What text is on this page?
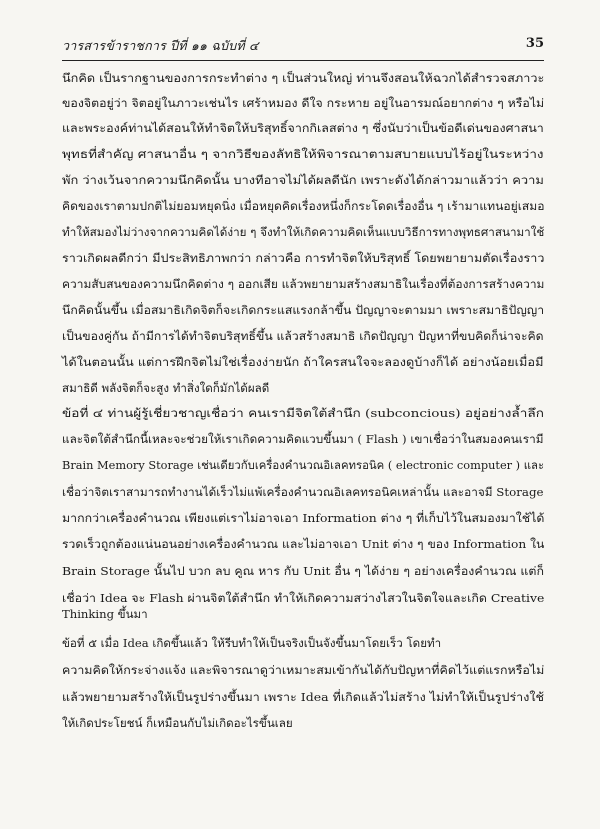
วารสารข้าราชการ ปีที่ ๑๑ ฉบับที่ ๔	35
นึกคิด เป็นรากฐานของการกระทำต่าง ๆ เป็นส่วนใหญ่ ท่านจึงสอนให้ฉวกได้สำรวจสภาวะ
ของจิตอยู่ว่า จิตอยู่ในภาวะเช่นไร เศร้าหมอง ดีใจ กระหาย อยู่ในอารมณ์อยากต่าง ๆ หรือไม่
และพระองค์ท่านได้สอนให้ทำจิตให้บริสุทธิ์จากกิเลสต่าง ๆ ซึ่งนับว่าเป็นข้อดีเด่นของศาสนา
พุทธที่สำคัญ ศาสนาอื่น ๆ จากวิธีของลัทธิให้พิจารณาตามสบายแบบไร้อยู่ในระหว่าง
พัก ว่างเว้นจากความนึกคิดนั้น บางทีอาจไม่ได้ผลดีนัก เพราะดังได้กล่าวมาแล้วว่า ความ
คิดของเราตามปกติไม่ยอมหยุดนิ่ง เมื่อหยุดคิดเรื่องหนึ่งก็กระโดดเรื่องอื่น ๆ เร้ามาแทนอยู่เสมอ
ทำให้สมองไม่ว่างจากความคิดได้ง่าย ๆ จึงทำให้เกิดความคิดเห็นแบบวิธีการทางพุทธศาสนามาใช้
ราวเกิดผลดีกว่า มีประสิทธิภาพกว่า กล่าวคือ การทำจิตให้บริสุทธิ์ โดยพยายามตัดเรื่องราว
ความสับสนของความนึกคิดต่าง ๆ ออกเสีย แล้วพยายามสร้างสมาธิในเรื่องที่ต้องการสร้างความ
นึกคิดนั้นขึ้น เมื่อสมาธิเกิดจิตก็จะเกิดกระแสแรงกล้าขึ้น ปัญญาจะตามมา เพราะสมาธิปัญญา
เป็นของคู่กัน ถ้ามีการได้ทำจิตบริสุทธิ์ขึ้น แล้วสร้างสมาธิ เกิดปัญญา ปัญหาที่ขบคิดก็น่าจะคิด
ได้ในตอนนั้น แต่การฝึกจิตไม่ใช่เรื่องง่ายนัก ถ้าใครสนใจจะลองดูบ้างก็ได้ อย่างน้อยเมื่อมี
สมาธิดี พลังจิตก็จะสูง ทำสิ่งใดก็มักได้ผลดี
ข้อที่ ๔ ท่านผู้รู้เชี่ยวชาญเชื่อว่า คนเรามีจิตใต้สำนึก (subconcious) อยู่อย่างล้ำลึก
และจิตใต้สำนึกนี้เหละจะช่วยให้เราเกิดความคิดแวบขึ้นมา ( Flash ) เขาเชื่อว่าในสมองคนเรามี
Brain Memory Storage เช่นเดียวกับเครื่องคำนวณอิเลคทรอนิค ( electronic computer ) และ
เชื่อว่าจิตเราสามารถทำงานได้เร็วไม่แพ้เครื่องคำนวณอิเลคทรอนิคเหล่านั้น และอาจมี Storage
มากกว่าเครื่องคำนวณ เพียงแต่เราไม่อาจเอา Information ต่าง ๆ ที่เก็บไว้ในสมองมาใช้ได้
รวดเร็วถูกต้องแน่นอนอย่างเครื่องคำนวณ และไม่อาจเอา Unit ต่าง ๆ ของ Information ใน
Brain Storage นั้นไป บวก ลบ คูณ หาร กับ Unit อื่น ๆ ได้ง่าย ๆ อย่างเครื่องคำนวณ แต่ก็
เชื่อว่า Idea จะ Flash ผ่านจิตใต้สำนึก ทำให้เกิดความสว่างไสวในจิตใจและเกิด Creative
Thinking ขึ้นมา
ข้อที่ ๕ เมื่อ Idea เกิดขึ้นแล้ว ให้รีบทำให้เป็นจริงเป็นจังขึ้นมาโดยเร็ว โดยทำ
ความคิดให้กระจ่างแจ้ง และพิจารณาดูว่าเหมาะสมเข้ากันได้กับปัญหาที่คิดไว้แต่แรกหรือไม่
แล้วพยายามสร้างให้เป็นรูปร่างขึ้นมา เพราะ Idea ที่เกิดแล้วไม่สร้าง ไม่ทำให้เป็นรูปร่างใช้
ให้เกิดประโยชน์ ก็เหมือนกับไม่เกิดอะไรขึ้นเลย
